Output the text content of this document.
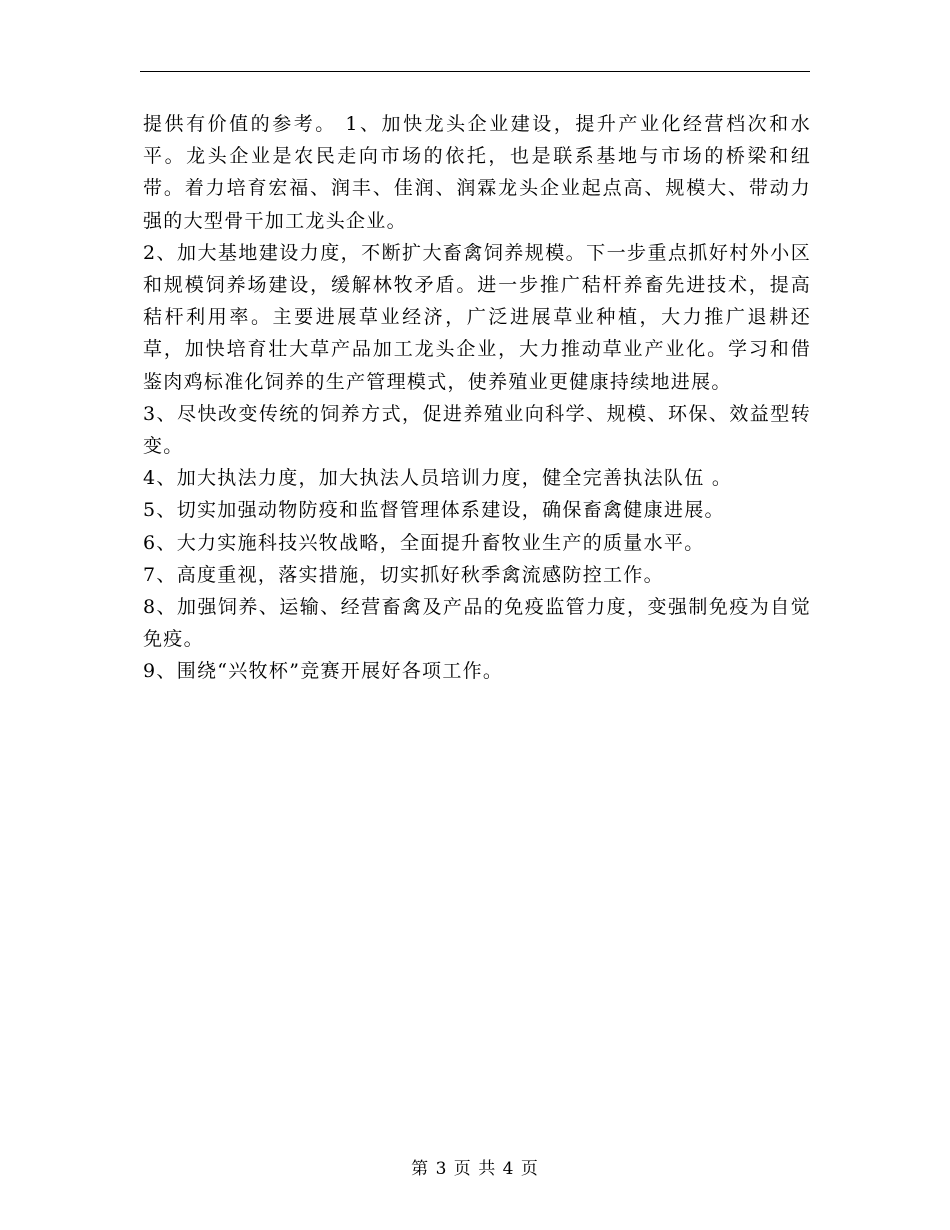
提供有价值的参考。 1、加快龙头企业建设，提升产业化经营档次和水平。龙头企业是农民走向市场的依托，也是联系基地与市场的桥梁和纽带。着力培育宏福、润丰、佳润、润霖龙头企业起点高、规模大、带动力强的大型骨干加工龙头企业。

2、加大基地建设力度，不断扩大畜禽饲养规模。下一步重点抓好村外小区和规模饲养场建设，缓解林牧矛盾。进一步推广秸杆养畜先进技术，提高秸杆利用率。主要进展草业经济，广泛进展草业种植，大力推广退耕还草，加快培育壮大草产品加工龙头企业，大力推动草业产业化。学习和借鉴肉鸡标准化饲养的生产管理模式，使养殖业更健康持续地进展。

3、尽快改变传统的饲养方式，促进养殖业向科学、规模、环保、效益型转变。

4、加大执法力度，加大执法人员培训力度，健全完善执法队伍 。

5、切实加强动物防疫和监督管理体系建设，确保畜禽健康进展。

6、大力实施科技兴牧战略，全面提升畜牧业生产的质量水平。

7、高度重视，落实措施，切实抓好秋季禽流感防控工作。

8、加强饲养、运输、经营畜禽及产品的免疫监管力度，变强制免疫为自觉免疫。

9、围绕“兴牧杯”竞赛开展好各项工作。

第 3 页 共 4 页
